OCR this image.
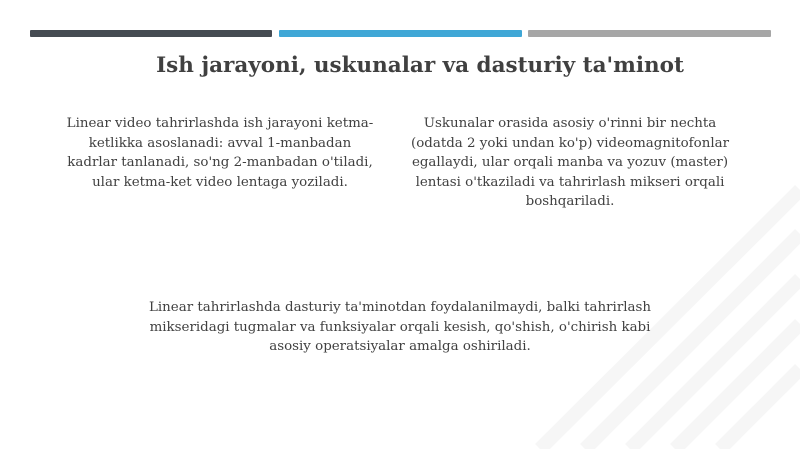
Ish jarayoni, uskunalar va dasturiy ta'minot
Linear video tahrirlashda ish jarayoni ketma-ketlikka asoslanadi: avval 1-manbadan kadrlar tanlanadi, so'ng 2-manbadan o'tiladi, ular ketma-ket video lentaga yoziladi.
Uskunalar orasida asosiy o'rinni bir nechta (odatda 2 yoki undan ko'p) videomagnitofonlar egallaydi, ular orqali manba va yozuv (master) lentasi o'tkaziladi va tahrirlash mikseri orqali boshqariladi.
Linear tahrirlashda dasturiy ta'minotdan foydalanilmaydi, balki tahrirlash mikseridagi tugmalar va funksiyalar orqali kesish, qo'shish, o'chirish kabi asosiy operatsiyalar amalga oshiriladi.
